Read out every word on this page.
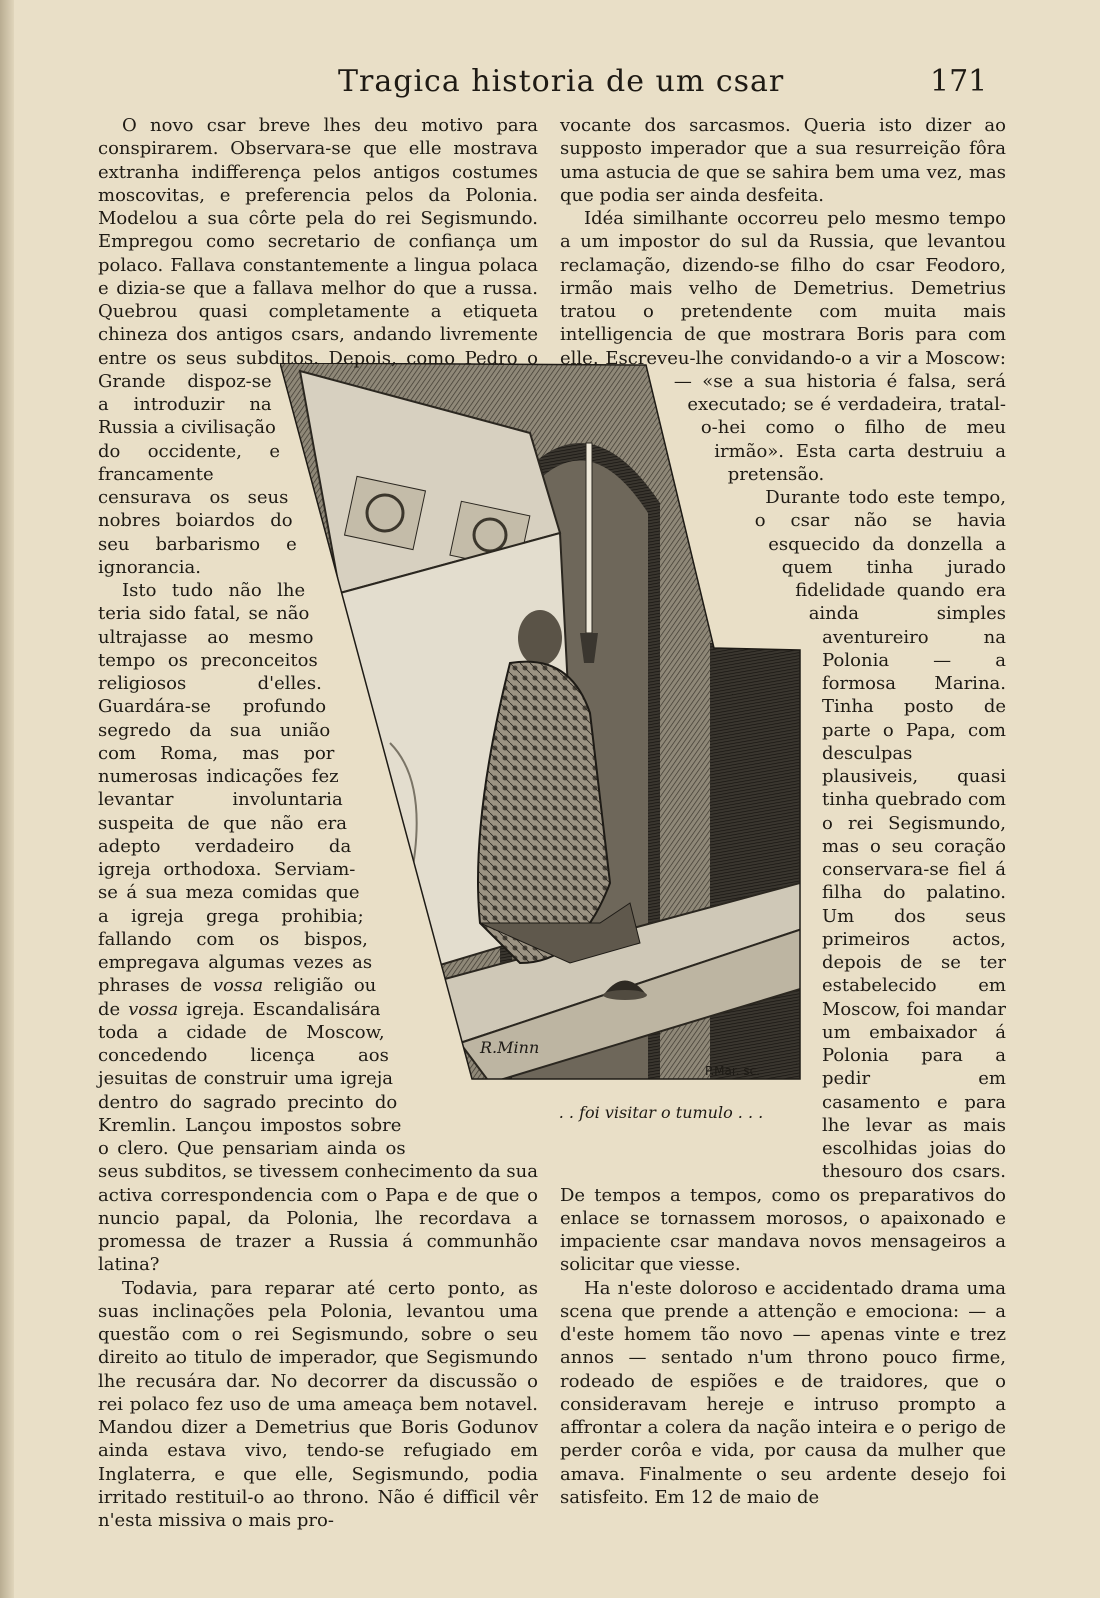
Tragica historia de um csar	171
R.Minn
P.Mar. sc.
. . foi visitar o tumulo . . .

O novo csar breve lhes deu motivo para conspirarem. Observara-se que elle mostrava extranha indifferença pelos antigos costumes moscovitas, e preferencia pelos da Polonia. Modelou a sua côrte pela do rei Segismundo. Empregou como secretario de confiança um polaco. Fallava constantemente a lingua polaca e dizia-se que a fallava melhor do que a russa. Quebrou quasi completamente a etiqueta chineza dos antigos csars, andando livremente entre os seus subditos. Depois, como Pedro o Grande dispoz-se a introduzir na Russia a civilisação do occidente, e francamente censurava os seus nobres boiardos do seu barbarismo e ignorancia.

Isto tudo não lhe teria sido fatal, se não ultrajasse ao mesmo tempo os preconceitos religiosos d'elles. Guardára-se profundo segredo da sua união com Roma, mas por numerosas indicações fez levantar involuntaria suspeita de que não era adepto verdadeiro da igreja orthodoxa. Serviam-se á sua meza comidas que a igreja grega prohibia; fallando com os bispos, empregava algumas vezes as phrases de vossa religião ou de vossa igreja. Escandalisára toda a cidade de Moscow, concedendo licença aos jesuitas de construir uma igreja dentro do sagrado precinto do Kremlin. Lançou impostos sobre o clero. Que pensariam ainda os seus subditos, se tivessem conhecimento da sua activa correspondencia com o Papa e de que o nuncio papal, da Polonia, lhe recordava a promessa de trazer a Russia á communhão latina?

Todavia, para reparar até certo ponto, as suas inclinações pela Polonia, levantou uma questão com o rei Segismundo, sobre o seu direito ao titulo de imperador, que Segismundo lhe recusára dar. No decorrer da discussão o rei polaco fez uso de uma ameaça bem notavel. Mandou dizer a Demetrius que Boris Godunov ainda estava vivo, tendo-se refugiado em Inglaterra, e que elle, Segismundo, podia irritado restituil-o ao throno. Não é difficil vêr n'esta missiva o mais pro-

vocante dos sarcasmos. Queria isto dizer ao supposto imperador que a sua resurreição fôra uma astucia de que se sahira bem uma vez, mas que podia ser ainda desfeita.

Idéa similhante occorreu pelo mesmo tempo a um impostor do sul da Russia, que levantou reclamação, dizendo-se filho do csar Feodoro, irmão mais velho de Demetrius. Demetrius tratou o pretendente com muita mais intelligencia de que mostrara Boris para com elle. Escreveu-lhe convidando-o a vir a Moscow:— «se a sua historia é falsa, será executado; se é verdadeira, tratal-o-hei como o filho de meu irmão». Esta carta destruiu a pretensão.

Durante todo este tempo, o csar não se havia esquecido da donzella a quem tinha jurado fidelidade quando era ainda simples aventureiro na Polonia — a formosa Marina. Tinha posto de parte o Papa, com desculpas plausiveis, quasi tinha quebrado com o rei Segismundo, mas o seu coração conservara-se fiel á filha do palatino. Um dos seus primeiros actos, depois de se ter estabelecido em Moscow, foi mandar um embaixador á Polonia para a pedir em casamento e para lhe levar as mais escolhidas joias do thesouro dos csars. De tempos a tempos, como os preparativos do enlace se tornassem morosos, o apaixonado e impaciente csar mandava novos mensageiros a solicitar que viesse.

Ha n'este doloroso e accidentado drama uma scena que prende a attenção e emociona: — a d'este homem tão novo — apenas vinte e trez annos — sentado n'um throno pouco firme, rodeado de espiões e de traidores, que o consideravam hereje e intruso prompto a affrontar a colera da nação inteira e o perigo de perder corôa e vida, por causa da mulher que amava. Finalmente o seu ardente desejo foi satisfeito. Em 12 de maio de
